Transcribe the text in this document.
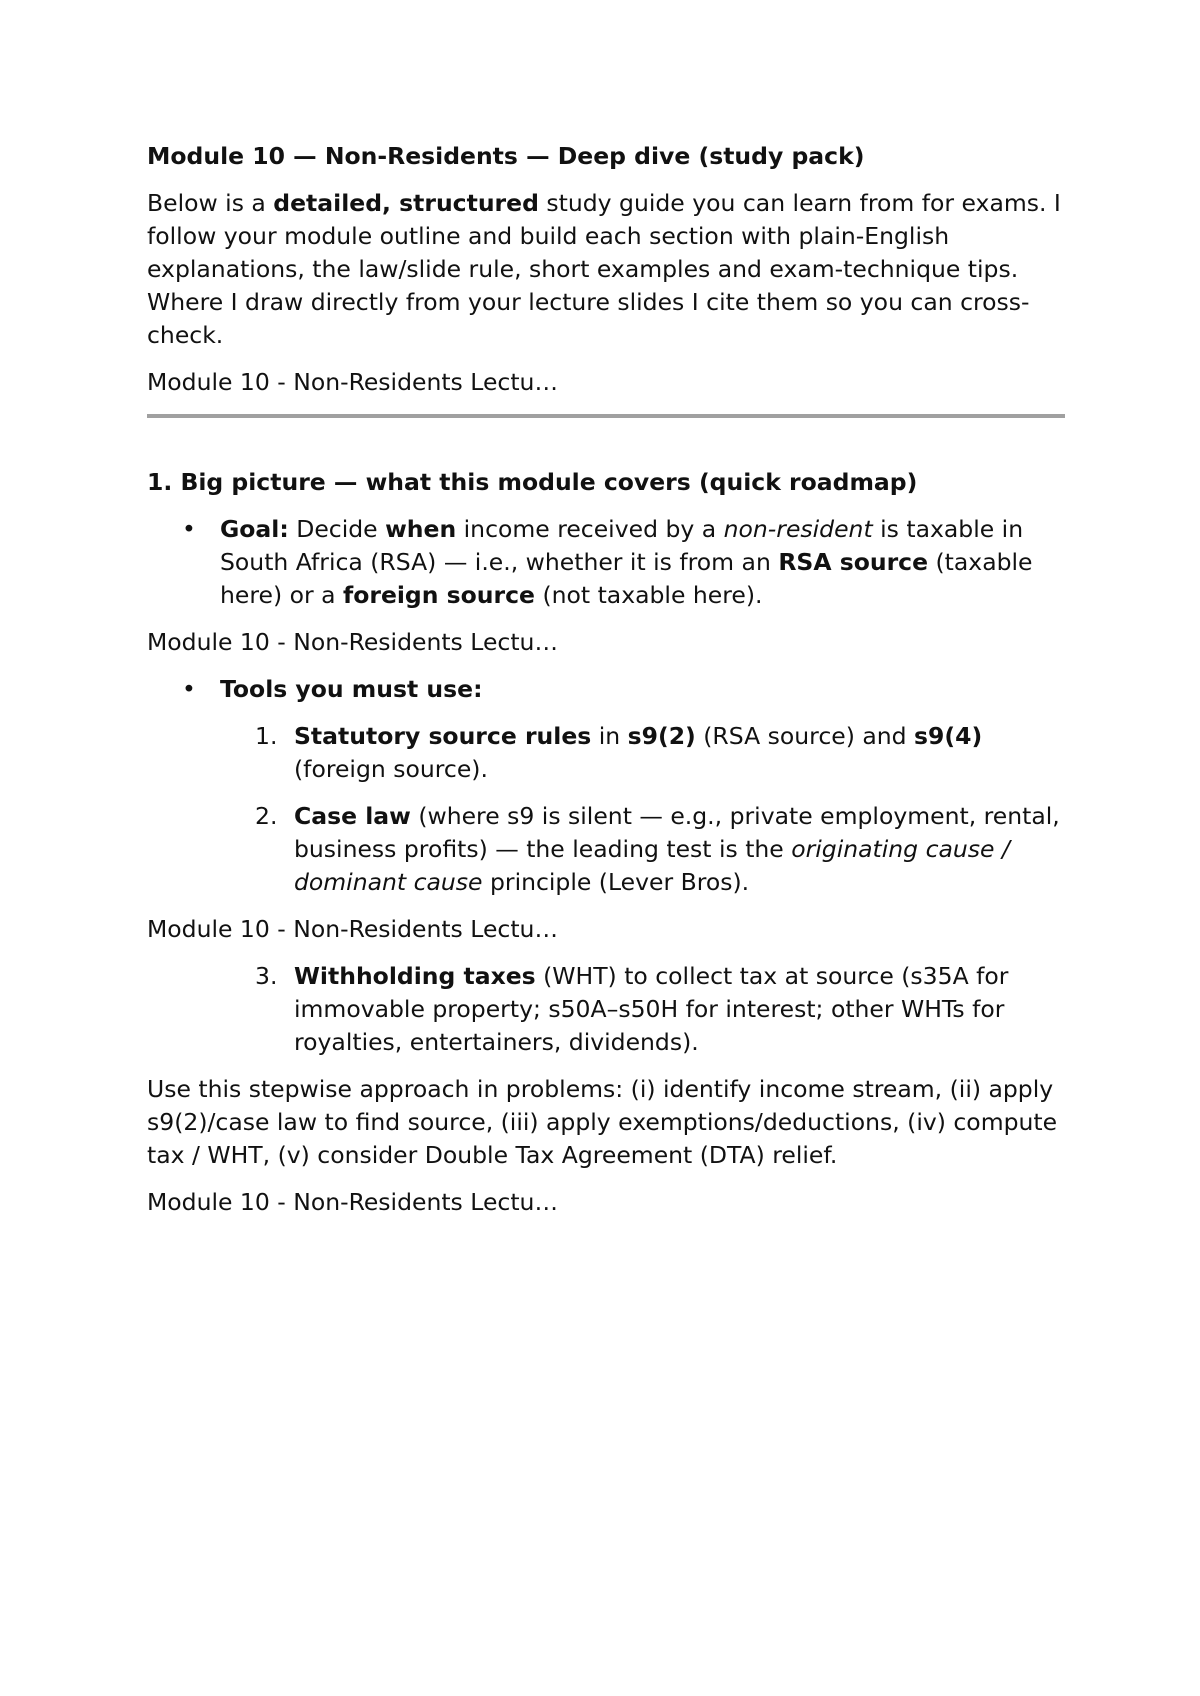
Module 10 — Non-Residents — Deep dive (study pack)

Below is a detailed, structured study guide you can learn from for exams. I follow your module outline and build each section with plain-English explanations, the law/slide rule, short examples and exam-technique tips. Where I draw directly from your lecture slides I cite them so you can cross-check.

Module 10 - Non-Residents Lectu…
1. Big picture — what this module covers (quick roadmap)
• Goal: Decide when income received by a non-resident is taxable in South Africa (RSA) — i.e., whether it is from an RSA source (taxable here) or a foreign source (not taxable here).
Module 10 - Non-Residents Lectu…
• Tools you must use:
1. Statutory source rules in s9(2) (RSA source) and s9(4) (foreign source).
2. Case law (where s9 is silent — e.g., private employment, rental, business profits) — the leading test is the originating cause / dominant cause principle (Lever Bros).
Module 10 - Non-Residents Lectu…
3. Withholding taxes (WHT) to collect tax at source (s35A for immovable property; s50A–s50H for interest; other WHTs for royalties, entertainers, dividends).

Use this stepwise approach in problems: (i) identify income stream, (ii) apply s9(2)/case law to find source, (iii) apply exemptions/deductions, (iv) compute tax / WHT, (v) consider Double Tax Agreement (DTA) relief.

Module 10 - Non-Residents Lectu…
